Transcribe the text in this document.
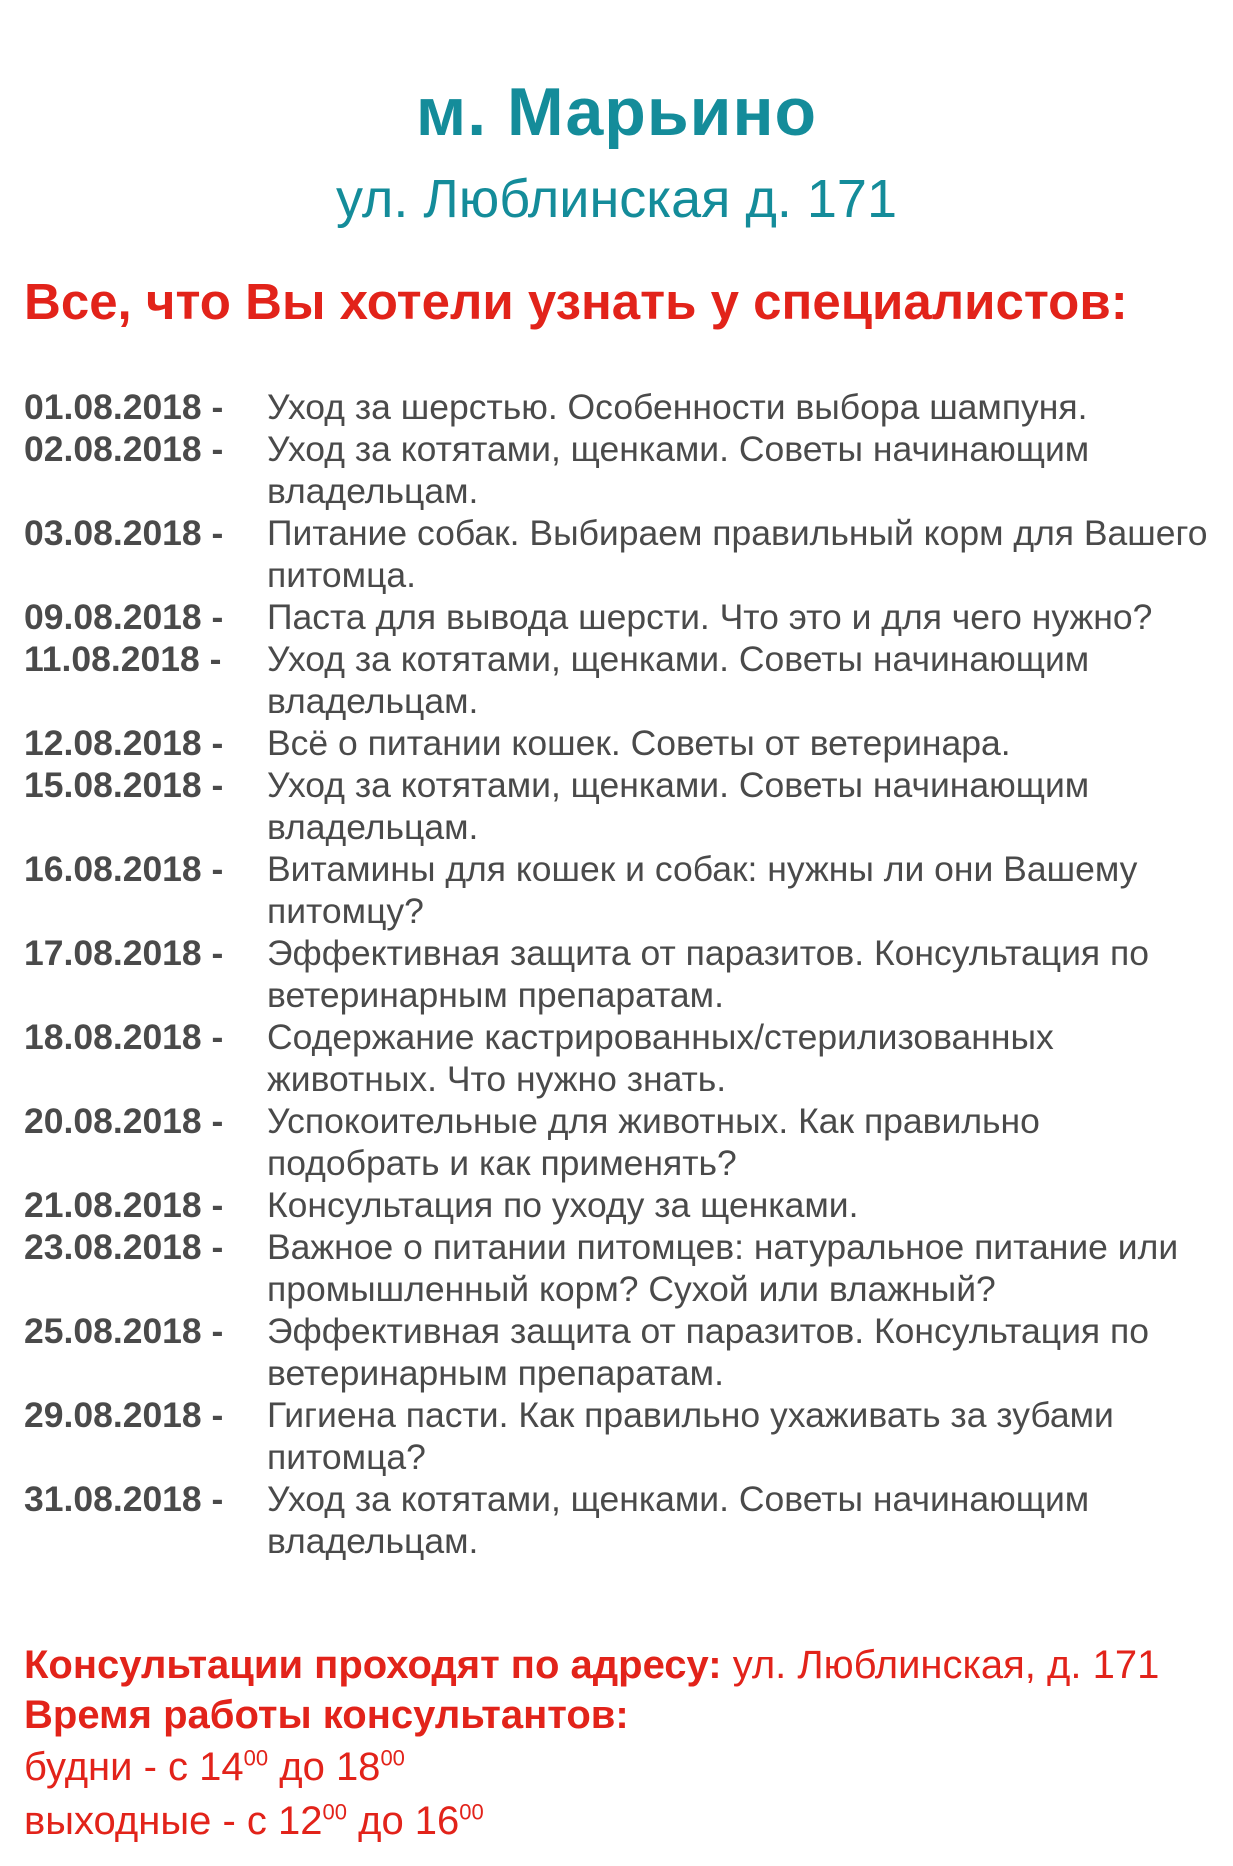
м. Марьино
ул. Люблинская д. 171
Все, что Вы хотели узнать у специалистов:
01.08.2018 -	Уход за шерстью. Особенности выбора шампуня.
02.08.2018 -	Уход за котятами, щенками. Советы начинающим владельцам.
03.08.2018 -	Питание собак. Выбираем правильный корм для Вашего питомца.
09.08.2018 -	Паста для вывода шерсти. Что это и для чего нужно?
11.08.2018 -	Уход за котятами, щенками. Советы начинающим владельцам.
12.08.2018 -	Всё о питании кошек. Советы от ветеринара.
15.08.2018 -	Уход за котятами, щенками. Советы начинающим владельцам.
16.08.2018 -	Витамины для кошек и собак: нужны ли они Вашему питомцу?
17.08.2018 -	Эффективная защита от паразитов. Консультация по ветеринарным препаратам.
18.08.2018 -	Содержание кастрированных/стерилизованных животных. Что нужно знать.
20.08.2018 -	Успокоительные для животных. Как правильно подобрать и как применять?
21.08.2018 -	Консультация по уходу за щенками.
23.08.2018 -	Важное о питании питомцев: натуральное питание или промышленный корм? Сухой или влажный?
25.08.2018 -	Эффективная защита от паразитов. Консультация по ветеринарным препаратам.
29.08.2018 -	Гигиена пасти. Как правильно ухаживать за зубами питомца?
31.08.2018 -	Уход за котятами, щенками. Советы начинающим владельцам.
Консультации проходят по адресу: ул. Люблинская, д. 171
Время работы консультантов:
будни - с $14^{00}$ до $18^{00}$
выходные - с $12^{00}$ до $16^{00}$
